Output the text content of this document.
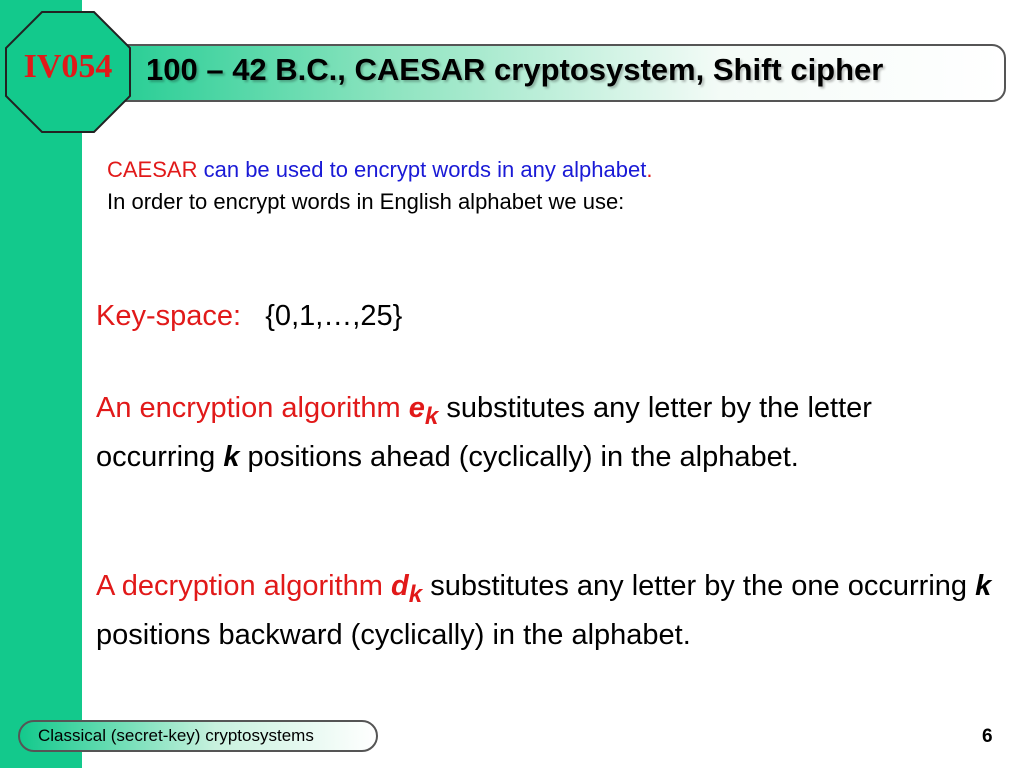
IV054	100 – 42 B.C., CAESAR cryptosystem, Shift cipher
CAESAR can be used to encrypt words in any alphabet.
In order to encrypt words in English alphabet we use:
Key-space: {0,1,…,25}
An encryption algorithm $e_k$ substitutes any letter by the letter occurring k positions ahead (cyclically) in the alphabet.
A decryption algorithm $d_k$ substitutes any letter by the one occurring k positions backward (cyclically) in the alphabet.
Classical (secret-key) cryptosystems	6
